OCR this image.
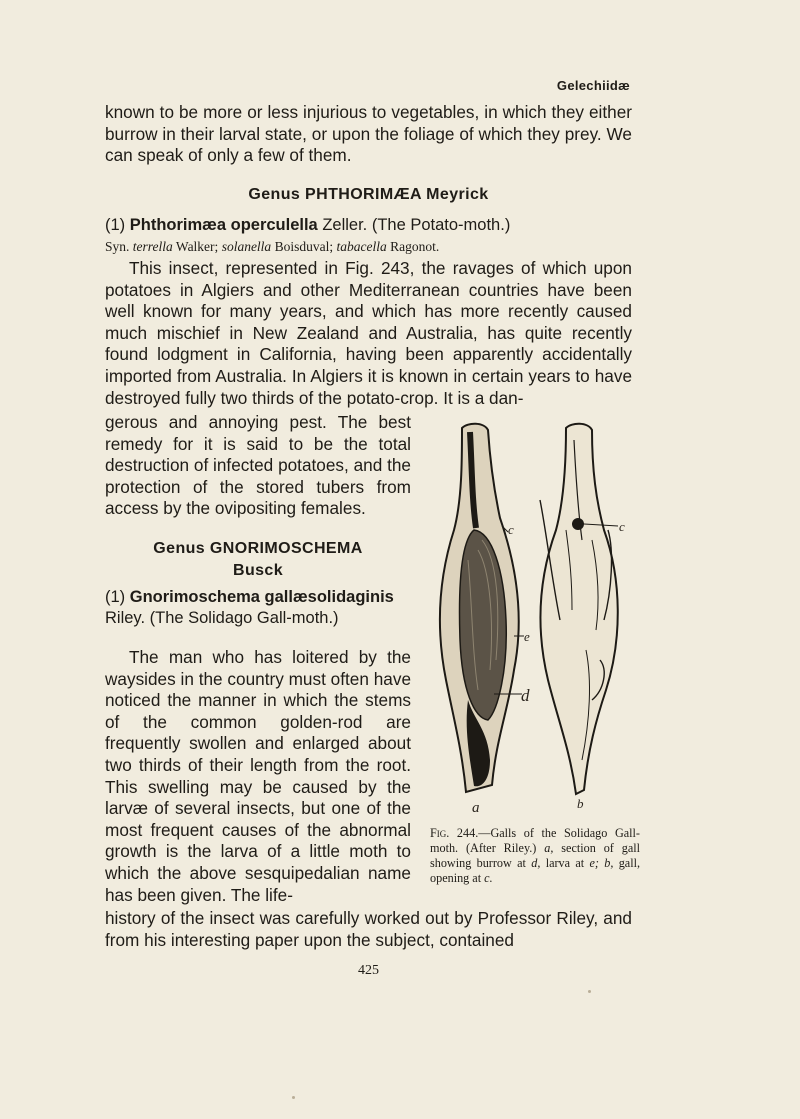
Gelechiidæ
known to be more or less injurious to vegetables, in which they either burrow in their larval state, or upon the foliage of which they prey. We can speak of only a few of them.
Genus PHTHORIMÆA Meyrick
(1) Phthorimæa operculella Zeller. (The Potato-moth.)
Syn. terrella Walker; solanella Boisduval; tabacella Ragonot.
This insect, represented in Fig. 243, the ravages of which upon potatoes in Algiers and other Mediterranean countries have been well known for many years, and which has more recently caused much mischief in New Zealand and Australia, has quite recently found lodgment in California, having been apparently accidentally imported from Australia. In Algiers it is known in certain years to have destroyed fully two thirds of the potato-crop. It is a dan-
gerous and annoying pest. The best remedy for it is said to be the total destruction of infected potatoes, and the protection of the stored tubers from access by the ovipositing females.
Genus GNORIMOSCHEMA
Busck
(1) Gnorimoschema gallæsolidaginis Riley. (The Solidago Gall-moth.)
The man who has loitered by the waysides in the country must often have noticed the manner in which the stems of the common golden-rod are frequently swollen and enlarged about two thirds of their length from the root. This swelling may be caused by the larvæ of several insects, but one of the most frequent causes of the abnormal growth is the larva of a little moth to which the above sesquipedalian name has been given. The life-
history of the insect was carefully worked out by Professor Riley, and from his interesting paper upon the subject, contained
c	c
e
d
a	b
Fig. 244.—Galls of the Solidago Gall-moth. (After Riley.) a, section of gall showing burrow at d, larva at e; b, gall, opening at c.
425
